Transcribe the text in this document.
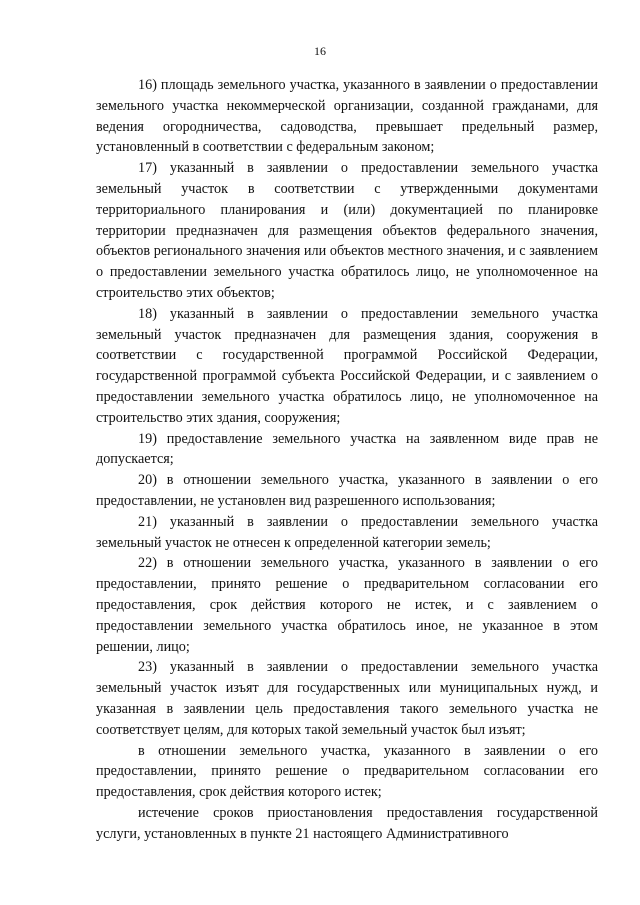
16

16) площадь земельного участка, указанного в заявлении о предоставлении земельного участка некоммерческой организации, созданной гражданами, для ведения огородничества, садоводства, превышает предельный размер, установленный в соответствии с федеральным законом;

17) указанный в заявлении о предоставлении земельного участка земельный участок в соответствии с утвержденными документами территориального планирования и (или) документацией по планировке территории предназначен для размещения объектов федерального значения, объектов регионального значения или объектов местного значения, и с заявлением о предоставлении земельного участка обратилось лицо, не уполномоченное на строительство этих объектов;

18) указанный в заявлении о предоставлении земельного участка земельный участок предназначен для размещения здания, сооружения в соответствии с государственной программой Российской Федерации, государственной программой субъекта Российской Федерации, и с заявлением о предоставлении земельного участка обратилось лицо, не уполномоченное на строительство этих здания, сооружения;

19) предоставление земельного участка на заявленном виде прав не допускается;

20) в отношении земельного участка, указанного в заявлении о его предоставлении, не установлен вид разрешенного использования;

21) указанный в заявлении о предоставлении земельного участка земельный участок не отнесен к определенной категории земель;

22) в отношении земельного участка, указанного в заявлении о его предоставлении, принято решение о предварительном согласовании его предоставления, срок действия которого не истек, и с заявлением о предоставлении земельного участка обратилось иное, не указанное в этом решении, лицо;

23) указанный в заявлении о предоставлении земельного участка земельный участок изъят для государственных или муниципальных нужд, и указанная в заявлении цель предоставления такого земельного участка не соответствует целям, для которых такой земельный участок был изъят;

в отношении земельного участка, указанного в заявлении о его предоставлении, принято решение о предварительном согласовании его предоставления, срок действия которого истек;

истечение сроков приостановления предоставления государственной услуги, установленных в пункте 21 настоящего Административного
